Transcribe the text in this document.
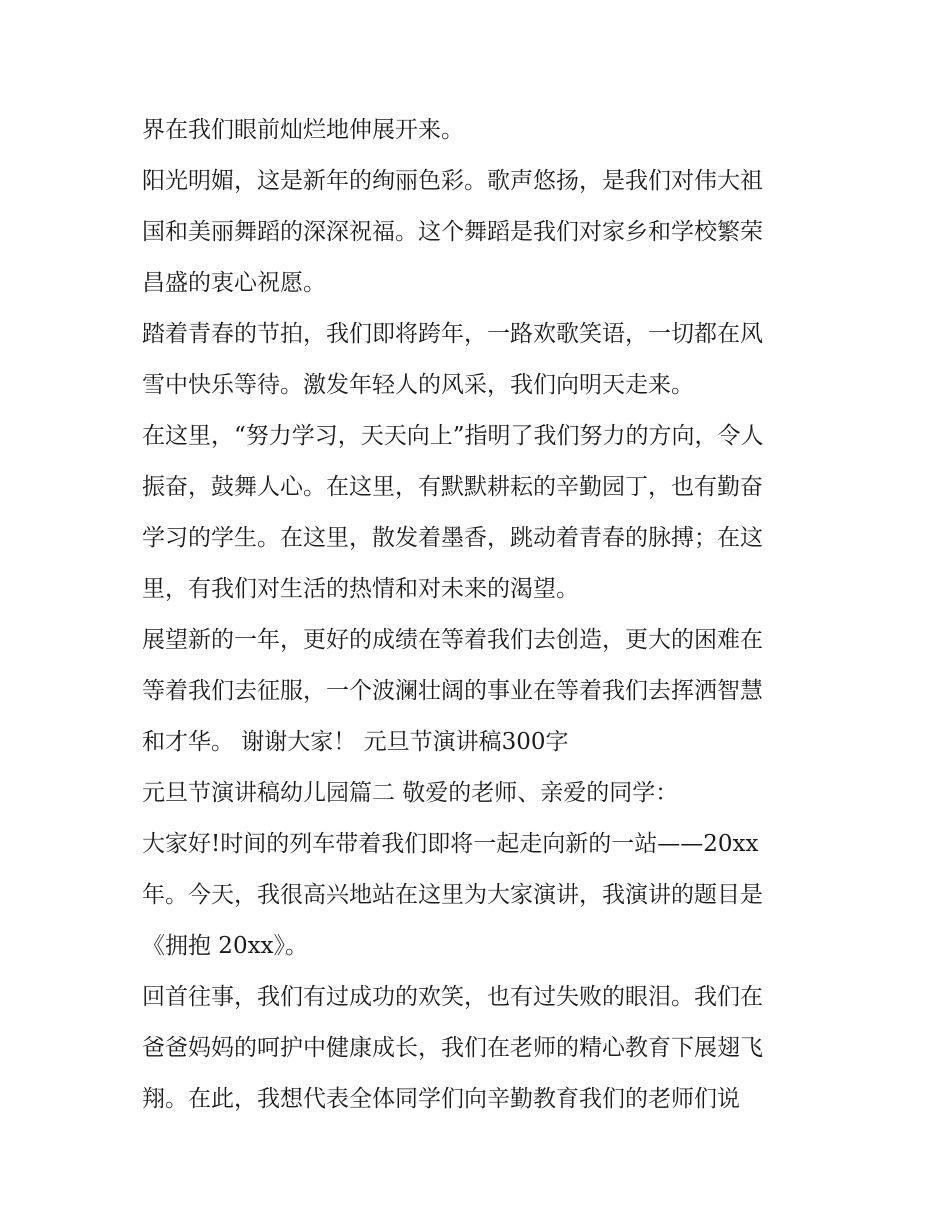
界在我们眼前灿烂地伸展开来。
阳光明媚，这是新年的绚丽色彩。歌声悠扬，是我们对伟大祖
国和美丽舞蹈的深深祝福。这个舞蹈是我们对家乡和学校繁荣
昌盛的衷心祝愿。
踏着青春的节拍，我们即将跨年，一路欢歌笑语，一切都在风
雪中快乐等待。激发年轻人的风采，我们向明天走来。
在这里，“努力学习，天天向上”指明了我们努力的方向，令人
振奋，鼓舞人心。在这里，有默默耕耘的辛勤园丁，也有勤奋
学习的学生。在这里，散发着墨香，跳动着青春的脉搏；在这
里，有我们对生活的热情和对未来的渴望。
展望新的一年，更好的成绩在等着我们去创造，更大的困难在
等着我们去征服，一个波澜壮阔的事业在等着我们去挥洒智慧
和才华。 谢谢大家！ 元旦节演讲稿300字
元旦节演讲稿幼儿园篇二 敬爱的老师、亲爱的同学：
大家好!时间的列车带着我们即将一起走向新的一站——20xx
年。今天，我很高兴地站在这里为大家演讲，我演讲的题目是
《拥抱 20xx》。
回首往事，我们有过成功的欢笑，也有过失败的眼泪。我们在
爸爸妈妈的呵护中健康成长，我们在老师的精心教育下展翅飞
翔。在此，我想代表全体同学们向辛勤教育我们的老师们说
